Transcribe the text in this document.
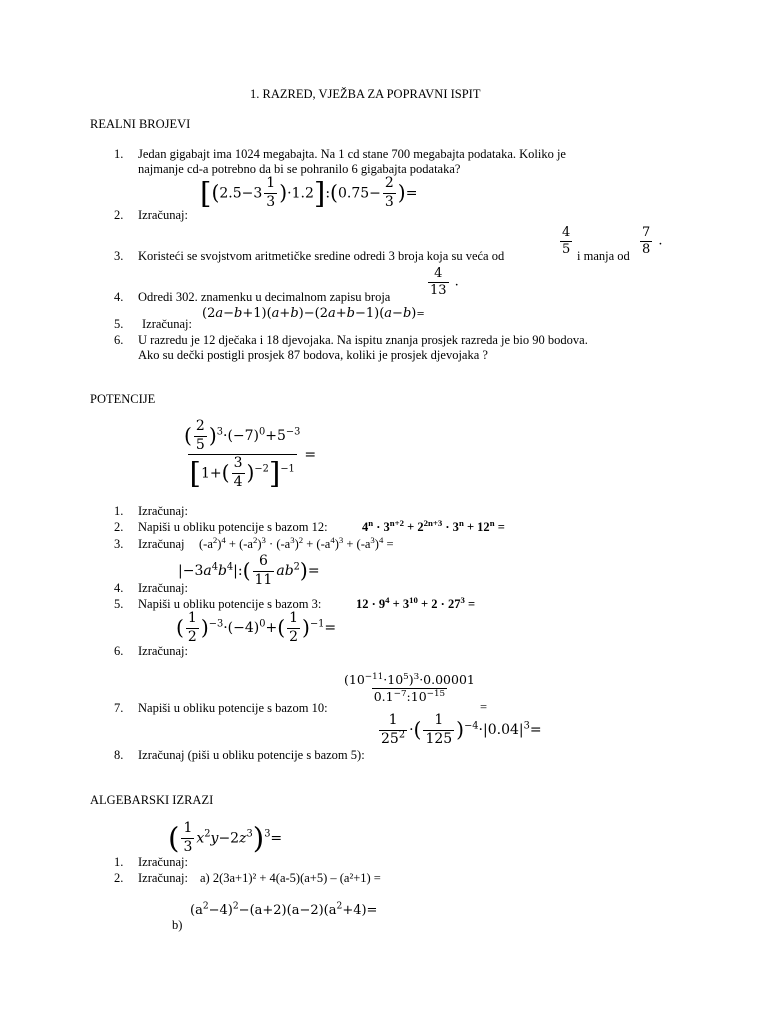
1. RAZRED, VJEŽBA ZA POPRAVNI ISPIT
REALNI BROJEVI
1. Jedan gigabajt ima 1024 megabajta. Na 1 cd stane 700 megabajta podataka. Koliko je
najmanje cd-a potrebno da bi se pohranilo 6 gigabajta podataka?
2. Izračunaj:
[($2.5-3 \frac{1}{3}$ )·1.2]:(0.75− $\frac{2}{3}$ )=
3. Koristeći se svojstvom aritmetičke sredine odredi 3 broja koja su veća od	$\frac{4}{5}$ i manja od $\frac{7}{8}$ .
4. Odredi 302. znamenku u decimalnom zapisu broja	$\frac{4}{13}$ .
5. Izračunaj:
(2a−b+1)(a+b)−(2a+b−1)(a−b)=
6. U razredu je 12 dječaka i 18 djevojaka. Na ispitu znanja prosjek razreda je bio 90 bodova.
Ako su dečki postigli prosjek 87 bodova, koliki je prosjek djevojaka ?
POTENCIJE
$\frac{( \frac{2}{5} )^3\cdot(-7)^0+5^{-3}}{[1+( \frac{3}{4} )^{-2}]^{-1}}$ =
1. Izračunaj:
2. Napiši u obliku potencije s bazom 12:	$4^n \cdot 3^{n+2} + 2^{2n+3} \cdot 3^n + 12^n$ =
3. Izračunaj $(-a^2)^4 + (-a^2)^3 \cdot (-a^3)^2 + (-a^4)^3 + (-a^3)^4$ =
$|-3a^4b^4|:( \frac{6}{11} ab^2)=$
4. Izračunaj:
5. Napiši u obliku potencije s bazom 3:	$12 \cdot 9^4 + 3^{10} + 2 \cdot 27^3$ =
( $\frac{1}{2} )^{-3}\cdot(-4)^0+( \frac{1}{2} )^{-1}=$
6. Izračunaj:
$\frac{(10^{-11}\cdot 10^5)^3\cdot 0.00001}{0.1^{-7}:10^{-15}}$
=
7. Napiši u obliku potencije s bazom 10:
$\frac{1}{25^2}$ ·( $\frac{1}{125} )^{-4}\cdot|0.04|^3=$
8. Izračunaj (piši u obliku potencije s bazom 5):
ALGEBARSKI IZRAZI
( $\frac{1}{3} x^2y-2z^3)^3=$
1. Izračunaj:
2. Izračunaj: a) 2(3a+1)² + 4(a-5)(a+5) – (a²+1) =
b)
$(a^2-4)^2-(a+2)(a-2)(a^2+4)=$
